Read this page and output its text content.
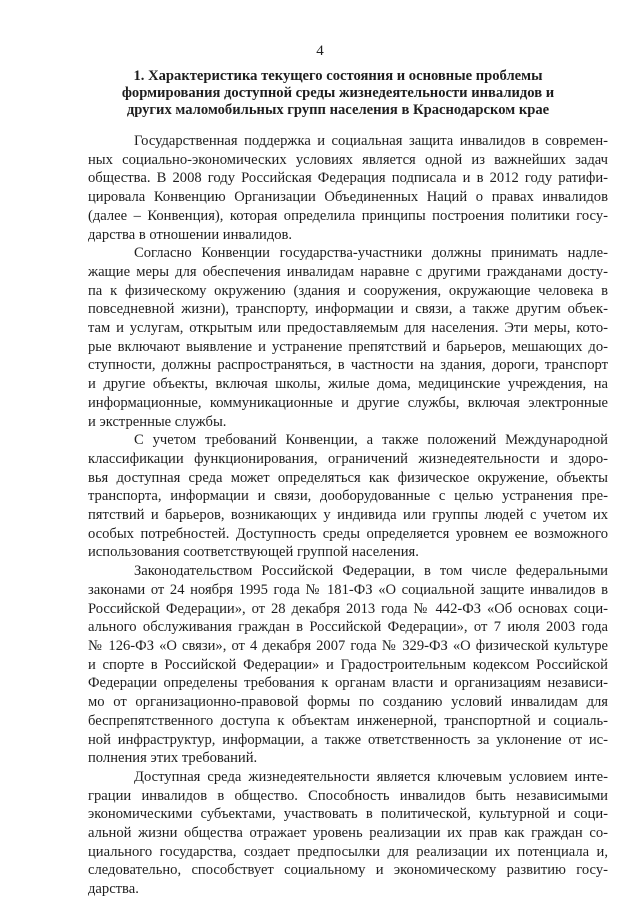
4
1. Характеристика текущего состояния и основные проблемы
формирования доступной среды жизнедеятельности инвалидов и
других маломобильных групп населения в Краснодарском крае

Государственная поддержка и социальная защита инвалидов в современ-
ных социально-экономических условиях является одной из важнейших задач
общества. В 2008 году Российская Федерация подписала и в 2012 году ратифи-
цировала Конвенцию Организации Объединенных Наций о правах инвалидов
(далее – Конвенция), которая определила принципы построения политики госу-
дарства в отношении инвалидов.

Согласно Конвенции государства-участники должны принимать надле-
жащие меры для обеспечения инвалидам наравне с другими гражданами досту-
па к физическому окружению (здания и сооружения, окружающие человека в
повседневной жизни), транспорту, информации и связи, а также другим объек-
там и услугам, открытым или предоставляемым для населения. Эти меры, кото-
рые включают выявление и устранение препятствий и барьеров, мешающих до-
ступности, должны распространяться, в частности на здания, дороги, транспорт
и другие объекты, включая школы, жилые дома, медицинские учреждения, на
информационные, коммуникационные и другие службы, включая электронные
и экстренные службы.

С учетом требований Конвенции, а также положений Международной
классификации функционирования, ограничений жизнедеятельности и здоро-
вья доступная среда может определяться как физическое окружение, объекты
транспорта, информации и связи, дооборудованные с целью устранения пре-
пятствий и барьеров, возникающих у индивида или группы людей с учетом их
особых потребностей. Доступность среды определяется уровнем ее возможного
использования соответствующей группой населения.

Законодательством Российской Федерации, в том числе федеральными
законами от 24 ноября 1995 года № 181-ФЗ «О социальной защите инвалидов в
Российской Федерации», от 28 декабря 2013 года № 442-ФЗ «Об основах соци-
ального обслуживания граждан в Российской Федерации», от 7 июля 2003 года
№ 126-ФЗ «О связи», от 4 декабря 2007 года № 329-ФЗ «О физической культуре
и спорте в Российской Федерации» и Градостроительным кодексом Российской
Федерации определены требования к органам власти и организациям независи-
мо от организационно-правовой формы по созданию условий инвалидам для
беспрепятственного доступа к объектам инженерной, транспортной и социаль-
ной инфраструктур, информации, а также ответственность за уклонение от ис-
полнения этих требований.

Доступная среда жизнедеятельности является ключевым условием инте-
грации инвалидов в общество. Способность инвалидов быть независимыми
экономическими субъектами, участвовать в политической, культурной и соци-
альной жизни общества отражает уровень реализации их прав как граждан со-
циального государства, создает предпосылки для реализации их потенциала и,
следовательно, способствует социальному и экономическому развитию госу-
дарства.
